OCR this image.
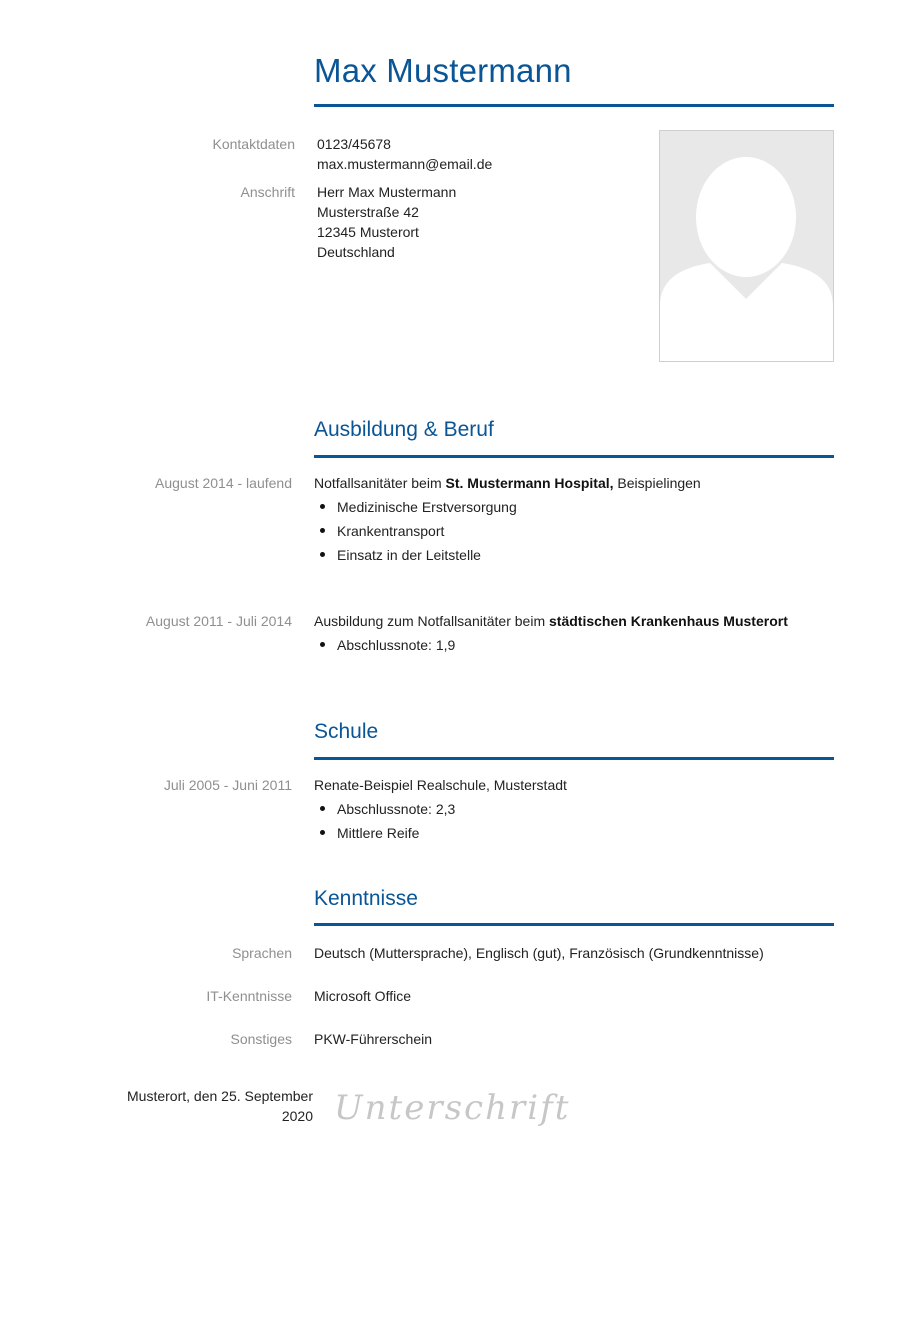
Max Mustermann
Kontaktdaten 0123/45678
max.mustermann@email.de
Anschrift Herr Max Mustermann
Musterstraße 42
12345 Musterort
Deutschland
Ausbildung & Beruf
August 2014 - laufend Notfallsanitäter beim St. Mustermann Hospital, Beispielingen
Medizinische Erstversorgung
Krankentransport
Einsatz in der Leitstelle
August 2011 - Juli 2014 Ausbildung zum Notfallsanitäter beim städtischen Krankenhaus Musterort
Abschlussnote: 1,9
Schule
Juli 2005 - Juni 2011 Renate-Beispiel Realschule, Musterstadt
Abschlussnote: 2,3
Mittlere Reife
Kenntnisse
Sprachen Deutsch (Muttersprache), Englisch (gut), Französisch (Grundkenntnisse)
IT-Kenntnisse Microsoft Office
Sonstiges PKW-Führerschein
Musterort, den 25. September
2020 Unterschrift
